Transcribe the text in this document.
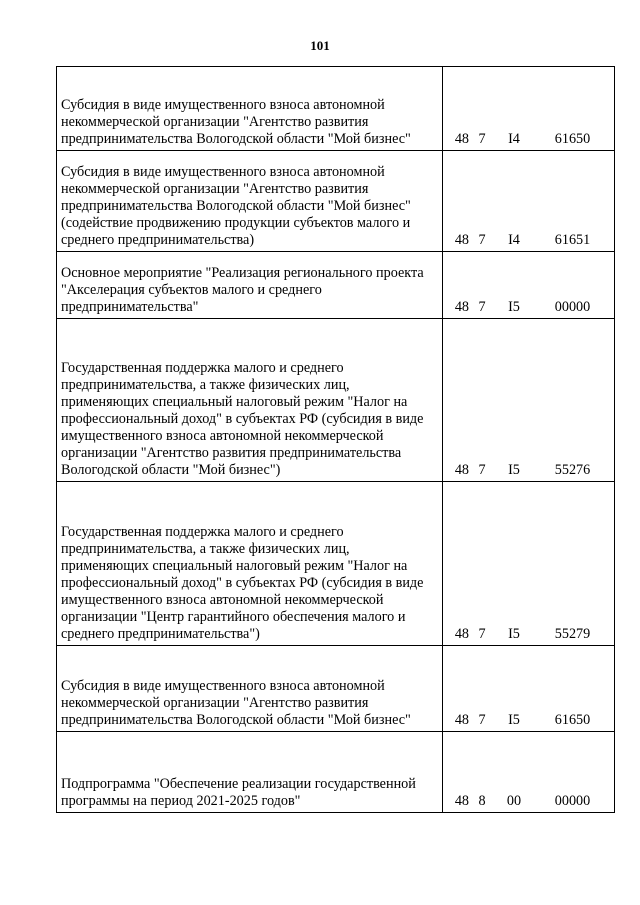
101
Субсидия в виде имущественного взноса автономной некоммерческой организации "Агентство развития предпринимательства Вологодской области "Мой бизнес"	48	7	I4	61650
Субсидия в виде имущественного взноса автономной некоммерческой организации "Агентство развития предпринимательства Вологодской области "Мой бизнес" (содействие продвижению продукции субъектов малого и среднего предпринимательства)	48	7	I4	61651
Основное мероприятие "Реализация регионального проекта "Акселерация субъектов малого и среднего предпринимательства"	48	7	I5	00000
Государственная поддержка малого и среднего предпринимательства, а также физических лиц, применяющих специальный налоговый режим "Налог на профессиональный доход" в субъектах РФ (субсидия в виде имущественного взноса автономной некоммерческой организации "Агентство развития предпринимательства Вологодской области "Мой бизнес")	48	7	I5	55276
Государственная поддержка малого и среднего предпринимательства, а также физических лиц, применяющих специальный налоговый режим "Налог на профессиональный доход" в субъектах РФ (субсидия в виде имущественного взноса автономной некоммерческой организации "Центр гарантийного обеспечения малого и среднего предпринимательства")	48	7	I5	55279
Субсидия в виде имущественного взноса автономной некоммерческой организации "Агентство развития предпринимательства Вологодской области "Мой бизнес"	48	7	I5	61650
Подпрограмма "Обеспечение реализации государственной программы на период 2021-2025 годов"	48	8	00	00000
